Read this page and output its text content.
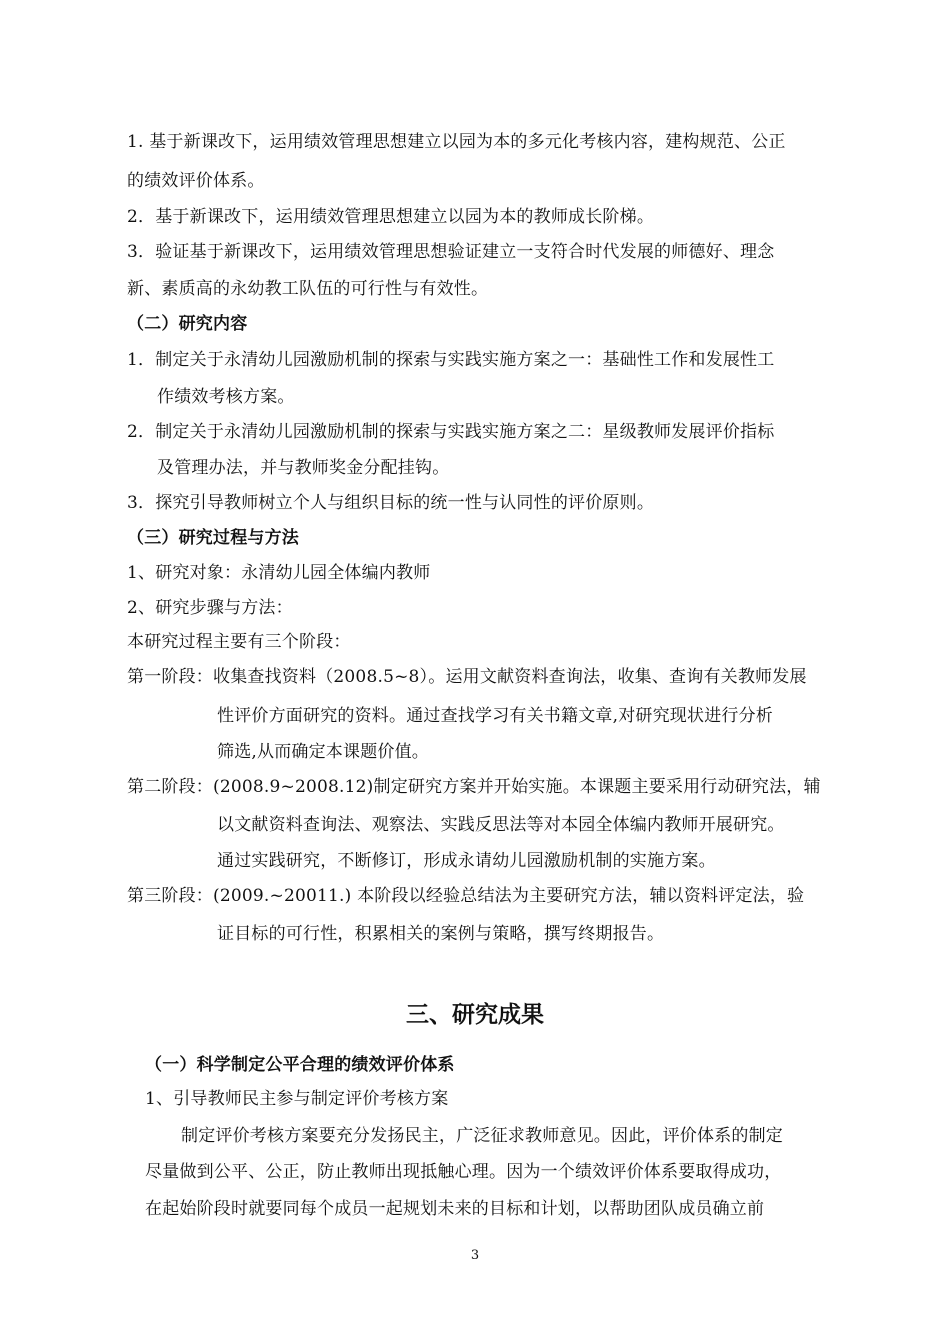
1. 基于新课改下，运用绩效管理思想建立以园为本的多元化考核内容，建构规范、公正
的绩效评价体系。
2．基于新课改下，运用绩效管理思想建立以园为本的教师成长阶梯。
3．验证基于新课改下，运用绩效管理思想验证建立一支符合时代发展的师德好、理念
新、素质高的永幼教工队伍的可行性与有效性。
（二）研究内容
1．制定关于永清幼儿园激励机制的探索与实践实施方案之一：基础性工作和发展性工
作绩效考核方案。
2．制定关于永清幼儿园激励机制的探索与实践实施方案之二：星级教师发展评价指标
及管理办法，并与教师奖金分配挂钩。
3．探究引导教师树立个人与组织目标的统一性与认同性的评价原则。
（三）研究过程与方法
1、研究对象：永清幼儿园全体编内教师
2、研究步骤与方法：
本研究过程主要有三个阶段：
第一阶段：收集查找资料（2008.5~8）。运用文献资料查询法，收集、查询有关教师发展
性评价方面研究的资料。通过查找学习有关书籍文章,对研究现状进行分析
筛选,从而确定本课题价值。
第二阶段：(2008.9~2008.12)制定研究方案并开始实施。本课题主要采用行动研究法，辅
以文献资料查询法、观察法、实践反思法等对本园全体编内教师开展研究。
通过实践研究，不断修订，形成永请幼儿园激励机制的实施方案。
第三阶段：(2009.~20011.) 本阶段以经验总结法为主要研究方法，辅以资料评定法，验
证目标的可行性，积累相关的案例与策略，撰写终期报告。
三、研究成果
（一）科学制定公平合理的绩效评价体系
1、引导教师民主参与制定评价考核方案
制定评价考核方案要充分发扬民主，广泛征求教师意见。因此，评价体系的制定
尽量做到公平、公正，防止教师出现抵触心理。因为一个绩效评价体系要取得成功，
在起始阶段时就要同每个成员一起规划未来的目标和计划，以帮助团队成员确立前
3
